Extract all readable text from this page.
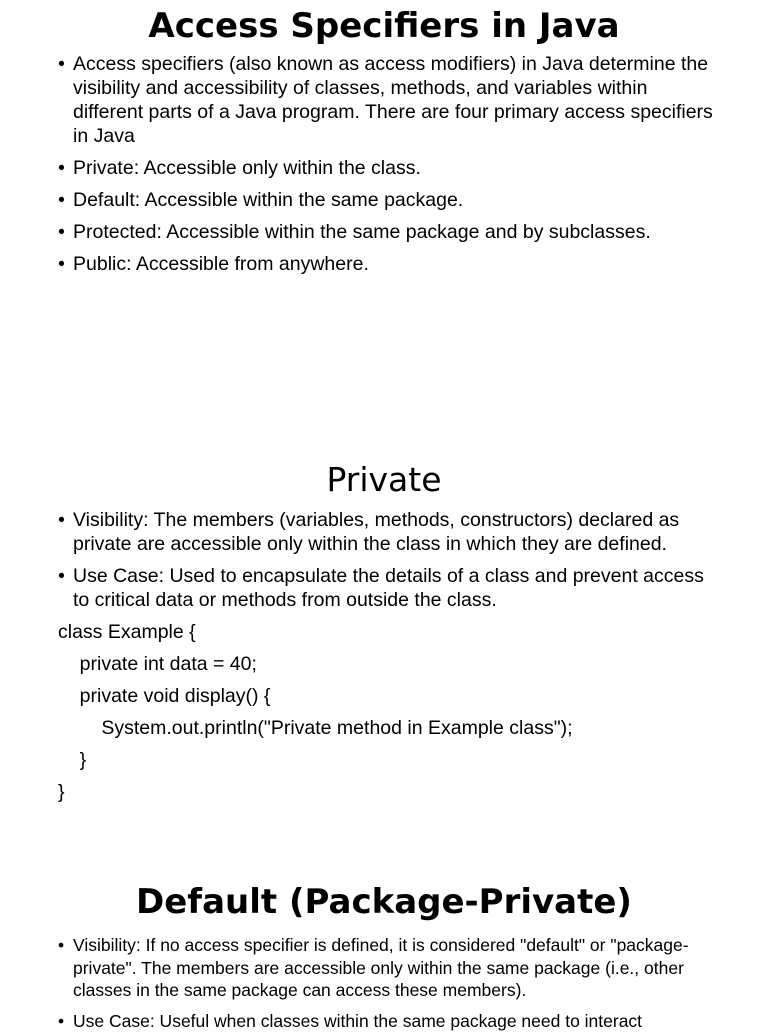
Access Specifiers in Java
• Access specifiers (also known as access modifiers) in Java determine the visibility and accessibility of classes, methods, and variables within different parts of a Java program. There are four primary access specifiers in Java
• Private: Accessible only within the class.
• Default: Accessible within the same package.
• Protected: Accessible within the same package and by subclasses.
• Public: Accessible from anywhere.
Private
• Visibility: The members (variables, methods, constructors) declared as private are accessible only within the class in which they are defined.
• Use Case: Used to encapsulate the details of a class and prevent access to critical data or methods from outside the class.
class Example {
private int data = 40;
private void display() {
System.out.println("Private method in Example class");
}
}
Default (Package-Private)
• Visibility: If no access specifier is defined, it is considered "default" or "package-private". The members are accessible only within the same package (i.e., other classes in the same package can access these members).
• Use Case: Useful when classes within the same package need to interact
